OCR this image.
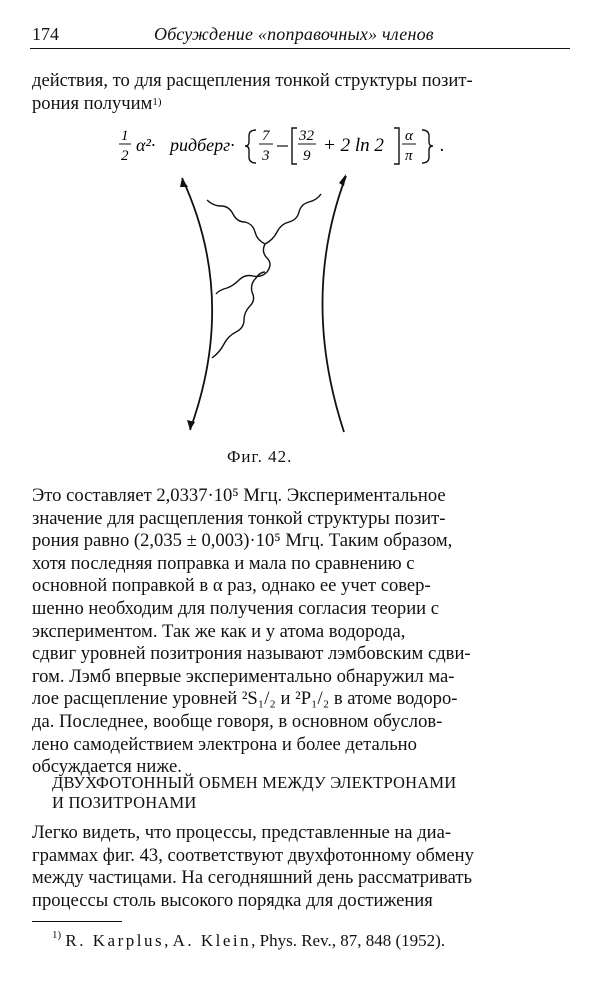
174	Обсуждение «поправочных» членов
действия, то для расщепления тонкой структуры позит-
рония получим$^{1)}$
1
2
α²· ридберг· 7
3
32
9 + 2 ln 2 α
π .
Фиг. 42.
Это составляет 2,0337·10⁵ Мгц. Экспериментальное
значение для расщепления тонкой структуры позит-
рония равно (2,035 ± 0,003)·10⁵ Мгц. Таким образом,
хотя последняя поправка и мала по сравнению с
основной поправкой в α раз, однако ее учет совер-
шенно необходим для получения согласия теории с
экспериментом. Так же как и у атома водорода,
сдвиг уровней позитрония называют лэмбовским сдви-
гом. Лэмб впервые экспериментально обнаружил ма-
лое расщепление уровней ²S₁/₂ и ²P₁/₂ в атоме водоро-
да. Последнее, вообще говоря, в основном обуслов-
лено самодействием электрона и более детально
обсуждается ниже.
ДВУХФОТОННЫЙ ОБМЕН МЕЖДУ ЭЛЕКТРОНАМИ
И ПОЗИТРОНАМИ
Легко видеть, что процессы, представленные на диа-
граммах фиг. 43, соответствуют двухфотонному обмену
между частицами. На сегодняшний день рассматривать
процессы столь высокого порядка для достижения
$^{1)}$ R. Karplus, A. Klein, Phys. Rev., 87, 848 (1952).
